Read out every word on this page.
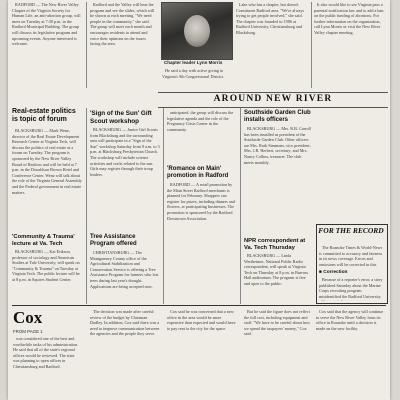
RADFORD — The New River Valley Chapter of the Virginia Society for Human Life, an anti-abortion group, will meet on Tuesday at 7:30 p.m. in the Radford Municipal Building. The group will discuss its legislative program and upcoming events. Anyone interested is welcome.

Radford and the Valley will hear the program and see the slides, which will be shown at each meeting. "We need people in the community," she said. The group will meet each month and encourages residents to attend and voice their opinions on the issues facing the area.

Chapter leader Lynn Morris

He said a day with active giving to Virginia's 9th Congressional District.

Lake who has a chapter, but doesn't Constituent Radford area. "We're always trying to get people involved," she said. The chapter was founded in 1986 at Radford University, Christiansburg and Blacksburg.

It also would like to see Virginia pass a parental notification law and to add a ban on the public funding of abortions. For further information on the organization, call Lynn Morris or visit the New River Valley chapter meeting.

AROUND NEW RIVER
Real-estate politics is topic of forum

BLACKSBURG — Mark Wenz, director of the Real Estate Development Research Center at Virginia Tech, will discuss the politics of real estate at a forum on Tuesday. The program is sponsored by the New River Valley Board of Realtors and will be held at 7 p.m. in the Donaldson Brown Hotel and Conference Center. Wenz will talk about the role of the Virginia General Assembly and the Federal government in real estate matters.

'Community & Trauma' lecture at Va. Tech

BLACKSBURG — Kai Erikson, professor of sociology and American Studies at Yale University, will speak on "Community & Trauma" on Tuesday at Virginia Tech. The public lecture will be at 8 p.m. in Squires Student Center.

'Sign of the Sun' Gift Scout workshop

BLACKSBURG — Junior Girl Scouts from Blacksburg and the surrounding area will participate in a "Sign of the Sun" workshop Saturday from 9 a.m. to 3 p.m. at Blacksburg Presbyterian Church. The workshop will include science activities and crafts related to the sun. Girls may register through their troop leaders.

Tree Assistance Program offered

CHRISTIANSBURG — The Montgomery County office of the Agricultural Stabilization and Conservation Service is offering a Tree Assistance Program for farmers who lost trees during last year's drought. Applications are being accepted now.

anticipated, the group will discuss the legislative agenda and the role of the Pregnancy Crisis Center in the community.

'Romance on Main' promotion in Radford

RADFORD — A retail promotion by the Main Street Radford merchants is planned for February. Shoppers can register for prizes, including dinners and flowers, at participating businesses. The promotion is sponsored by the Radford Downtown Association.

Southside Garden Club installs officers

BLACKSBURG — Mrs. R.B. Carroll has been installed as president of the Southside Garden Club. Other officers are Mrs. Ruth Simmons, vice president; Mrs. J.R. Herbert, secretary; and Mrs. Nancy Collins, treasurer. The club meets monthly.

NPR correspondent at Va. Tech Thursday

BLACKSBURG — Linda Wertheimer, National Public Radio correspondent, will speak at Virginia Tech on Thursday at 8 p.m. in Burruss Hall auditorium. The program is free and open to the public.

FOR THE RECORD

The Roanoke Times & World-News is committed to accuracy and fairness in its news coverage. Errors and omissions will be corrected in this

■ Correction

Because of a reporter's error, a story published Saturday about the Marine Corps recruiting program misidentified the Radford University

Cox
FROM PAGE 1

was considered one of the best and worthwhile tasks of his administration. He said that all of the state's regional offices would be reviewed. The state was planning to open offices in Christiansburg and Radford.

The decision was made after careful review of the budget by Chairman Dudley. In addition, Cox said there was a need to improve communication between the agencies and the people they serve.

Cox said he was concerned that a new office in the area would be more expensive than expected and would have to pay rent to the city for the space.

But he said the figure does not reflect the full cost, including equipment and staff. "We have to be careful about how we spend the taxpayers' money," Cox said.

Cox said that the agency will continue to serve the New River Valley from its office in Roanoke until a decision is made on the new facility.
